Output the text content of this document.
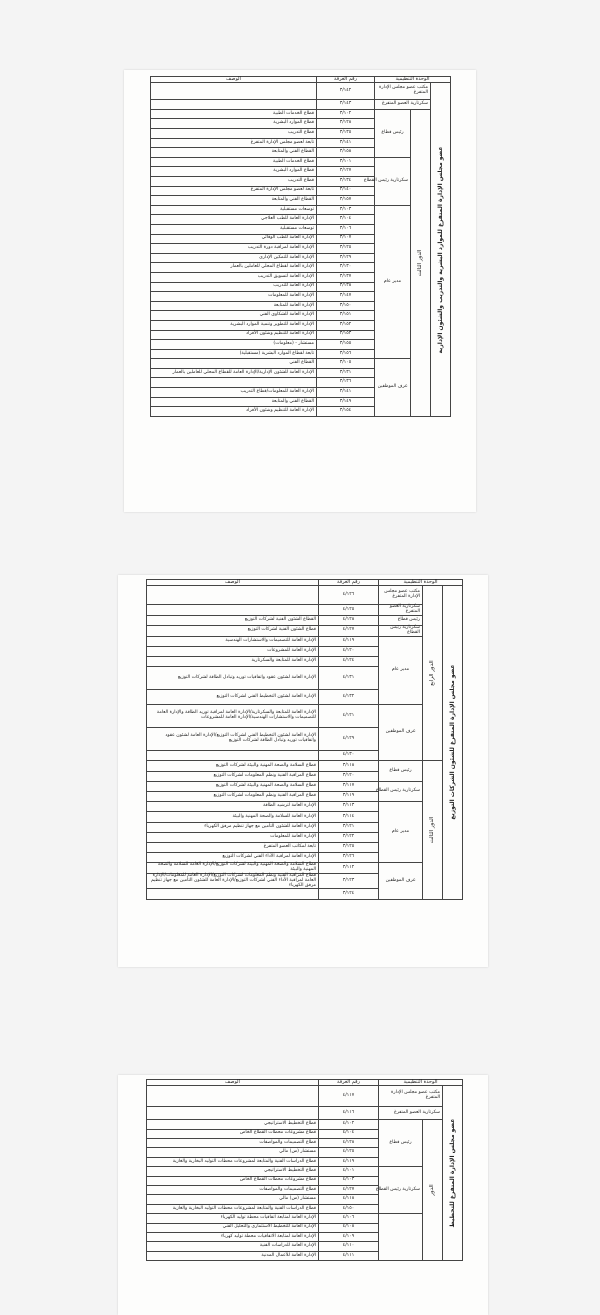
الوحدة التنظيمية			رقم الغرفة	الوصف

عضو مجلس الإدارة المتفرغ للموارد البشرية والتدريب والشئون الإدارية	مكتب عضو مجلس الإدارة المتفرغ		٣/١٤٢	
	سكرتارية العضو المتفرغ		٣/١٤٣	

	الدور الثالث	رئيس قطاع	٣/١٠٢	قطاع الخدمات الطبية
			٣/١٢٨	قطاع الموارد البشرية
			٣/١٣٥	قطاع التدريب
			٣/١٤١	تابعة لعضو مجلس الإدارة المتفرغ
			٣/١٥٨	القطاع الفني والمتابعة
		سكرتارية رئيس القطاع	٣/١٠١	قطاع الخدمات الطبية
			٣/١٢٧	قطاع الموارد البشرية
			٣/١٣٤	قطاع التدريب
			٣/١٤٠	تابعة لعضو مجلس الإدارة المتفرغ
			٣/١٥٧	القطاع الفني والمتابعة
		مدير عام	٣/١٠٣	توسعات مستقبلية
			٣/١٠٤	الإدارة العامة للطب العلاجي
			٣/١٠٦	توسعات مستقبلية
			٣/١٠٧	الإدارة العامة للطب الوقائي
			٣/١٢٥	الإدارة العامة لمراقبة دورة التدريب
			٣/١٢٩	الإدارة العامة للتمكين الإداري
			٣/١٣٠	الإدارة العامة لقطاع المحلي للعاملين بالعمار
			٣/١٣٧	الإدارة العامة لتسويق التدريب
			٣/١٣٨	الإدارة العامة للتدريب
			٣/١٤٧	الإدارة العامة للمعلومات
			٣/١٥٠	الإدارة العامة للمتابعة
			٣/١٥١	الإدارة العامة للشكاوى الفني
			٣/١٥٢	الإدارة العامة للتطوير وتنمية الموارد البشرية
			٣/١٥٣	الإدارة العامة للتنظيم وشئون الأفراد
			٣/١٥٥	مستشار - (معلومات)
			٣/١٥٦	تابعة لقطاع الموارد البشرية (مستقبلية)
		غرف الموظفين	٣/١٠٥	القطاع الفني
			٣/١٣١	الإدارة العامة للشئون الإدارية/الإدارة العامة للقطاع المحلي للعاملين بالعمار
			٣/١٣٦	
			٣/١٤١	الإدارة العامة للمعلومات/قطاع التدريب
			٣/١٤٩	القطاع الفني والمتابعة
			٣/١٥٤	الإدارة العامة للتنظيم وشئون الأفراد
الوحدة التنظيمية			رقم الغرفة	الوصف

عضو مجلس الإدارة المتفرغ للشئون الشركات التوزيع	الدور الرابع	مكتب عضو مجلس الإدارة المتفرغ	٤/١٢٦	
		سكرتارية العضو المتفرغ	٤/١٢٥	
		رئيس قطاع	٤/١٢٨	القطاع الشئون الفنية لشركات التوزيع
		سكرتارية رئيس القطاع	٤/١٢٧	قطاع الشئون الفنية لشركات التوزيع
		مدير عام	٤/١١٩	الإدارة العامة للتصميمات والاستشارات الهندسية
			٤/١٢٠	الإدارة العامة للمشروعات
			٤/١٢٤	الإدارة العامة للمتابعة والسكرتارية
			٤/١٣١	الإدارة العامة لشئون عقود واتفاقيات توريد وتبادل الطاقة لشركات التوزيع
			٤/١٣٢	الإدارة العامة لشئون التخطيط الفني لشركات التوزيع
		غرف الموظفين	٤/١٢١	الإدارة العامة للمتابعة والسكرتارية/الإدارة العامة لمراقبة توريد الطاقة والإدارة العامة للتصميمات والاستشارات الهندسية/الإدارة العامة للمشروعات
			٤/١٢٩	الإدارة العامة لشئون التخطيط الفني لشركات التوزيع/الإدارة العامة لشئون عقود واتفاقيات توريد وتبادل الطاقة لشركات التوزيع
			٤/١٣٠	

	الدور الثالث	رئيس قطاع	٣/١١٨	قطاع السلامة والصحة المهنية والبيئة لشركات التوزيع
			٣/١٢٠	قطاع المراقبة الفنية ونظم المعلومات لشركات التوزيع
		سكرتارية رئيس القطاع	٣/١١٧	قطاع السلامة والصحة المهنية والبيئة لشركات التوزيع
			٣/١١٩	قطاع المراقبة الفنية ونظم المعلومات لشركات التوزيع
		مدير عام	٣/١١٣	الإدارة العامة لترشيد الطاقة
			٣/١١٤	الإدارة العامة للسلامة والصحة المهنية والبيئة
			٣/١٢١	الإدارة العامة للشئون التأمين مع جهاز تنظيم مرفق الكهرباء
			٣/١٢٢	الإدارة العامة للمعلومات
			٣/١٢٥	تابعة لمكاتب العضو المتفرغ
			٣/١٢٦	الإدارة العامة لمراقبة الأداء الفني لشركات التوزيع
		غرف الموظفين	٣/١١٢	قطاع السلامة والصحة المهنية والبيئة لشركات التوزيع/الإدارة العامة للسلامة والصحة المهنية والبيئة
			٣/١٢٣	قطاع المراقبة الفنية ونظم المعلومات لشركات التوزيع/الإدارة العامة للمعلومات/الإدارة العامة لمراقبة الأداء الفني لشركات التوزيع/الإدارة العامة للشئون التأمين مع جهاز تنظيم مرفق الكهرباء
			٣/١٢٤	
الوحدة التنظيمية			رقم الغرفة	الوصف

عضو مجلس الإدارة المتفرغ للتخطيط	مكتب عضو مجلس الإدارة المتفرغ		٤/١١٧	
	سكرتارية العضو المتفرغ		٤/١١٦	

	الدور	رئيس قطاع	٤/١٠٢	قطاع التخطيط الاستراتيجي
			٤/١٠٤	قطاع مشروعات محطات القطاع الخاص
			٤/١٢٨	قطاع التصميمات والمواصفات
			٤/١٢٥	مستشار (س) مالي
			٤/١١٩	قطاع الدراسات الفنية والمتابعة لمشروعات محطات التوليد البخارية والغازية
		سكرتارية رئيس القطاع	٤/١٠١	قطاع التخطيط الاستراتيجي
			٤/١٠٣	قطاع مشروعات محطات القطاع الخاص
			٤/١٢٧	قطاع التصميمات والمواصفات
			٤/١١٨	مستشار (س) مالي
			٤/١٥٠	قطاع الدراسات الفنية والمتابعة لمشروعات محطات التوليد البخارية والغازية
			٤/١٠٦	الإدارة العامة لمتابعة اتفاقيات محطة توليد الكهرباء
			٤/١٠٨	الإدارة العامة للتخطيط الاستثماري والتحليل الفني
			٤/١٠٩	الإدارة العامة لمتابعة الاتفاقيات محطة توليد كهرباء
			٤/١١٠	الإدارة العامة للدراسات الفنية
			٤/١١١	الإدارة العامة للأعمال المدنية
